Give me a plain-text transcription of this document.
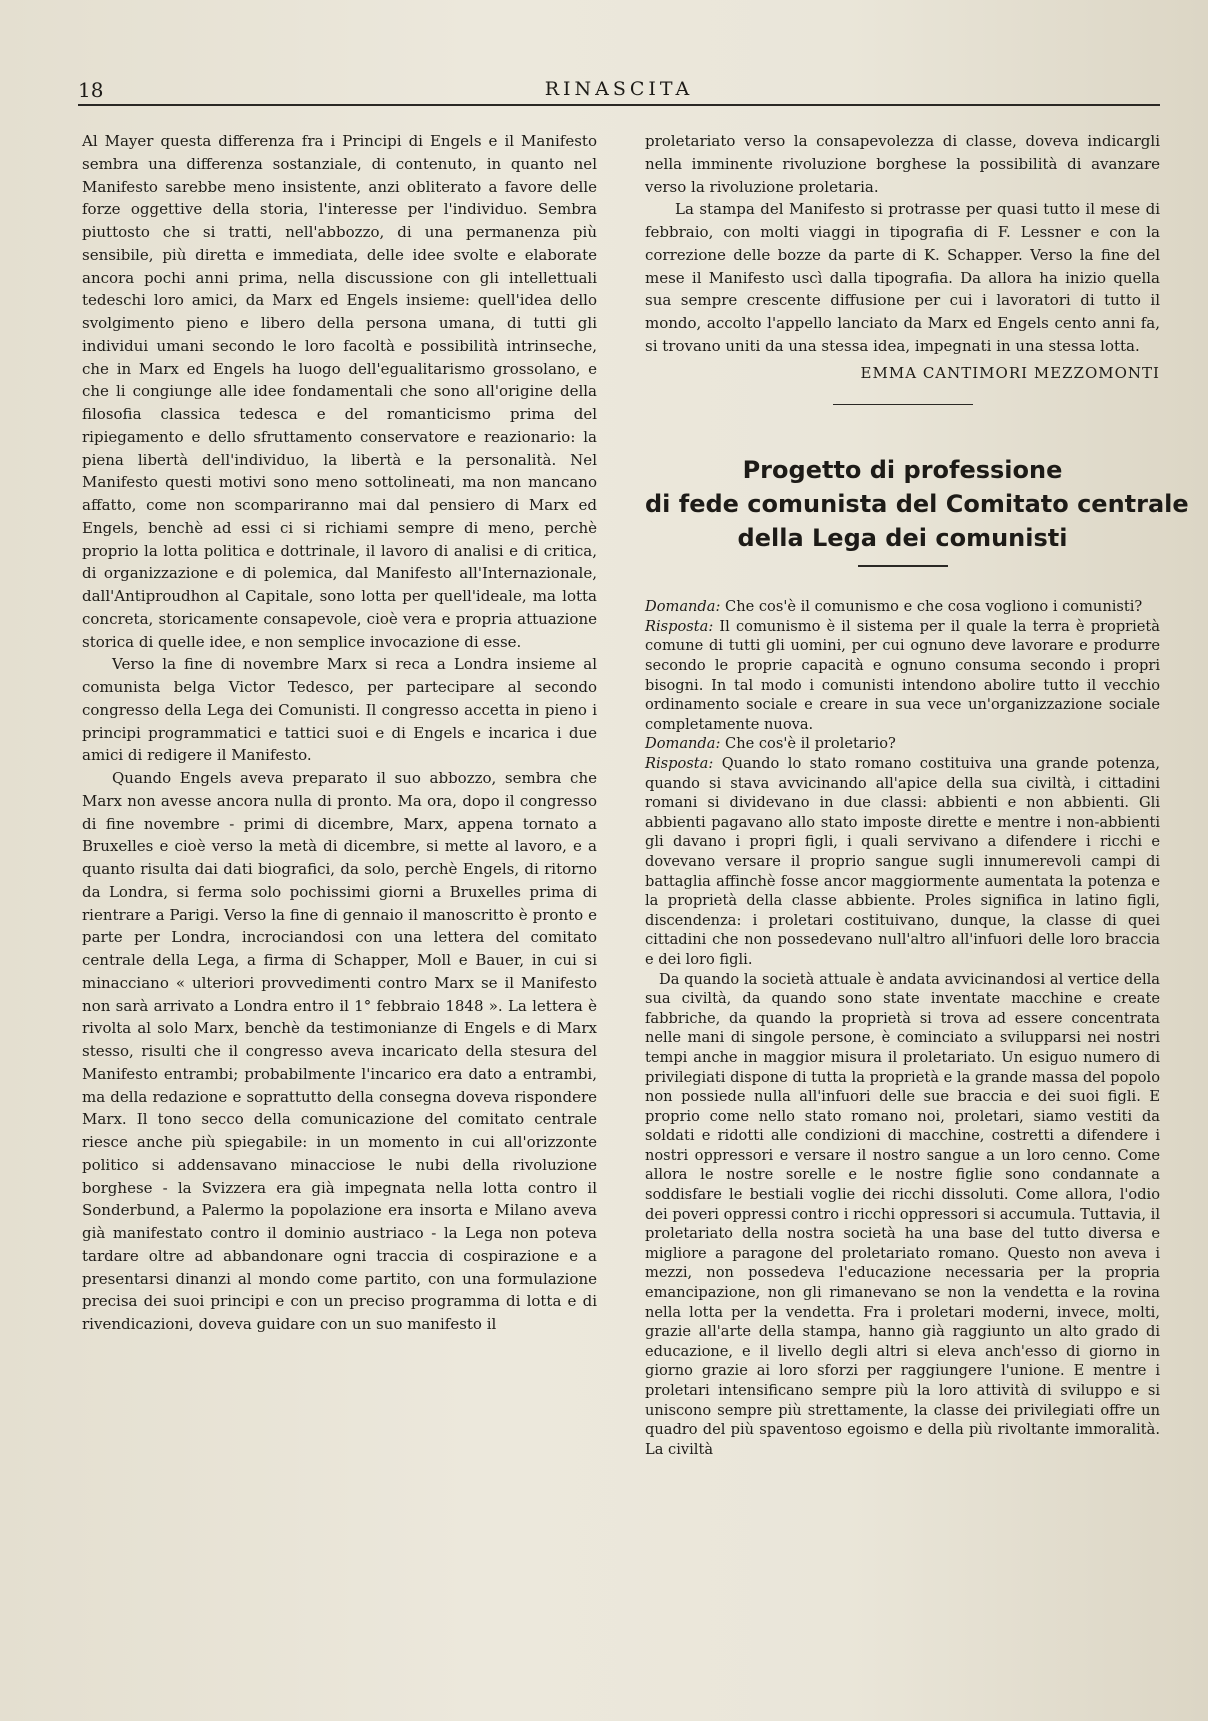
18	RINASCITA

Al Mayer questa differenza fra i Principi di Engels e il Manifesto sembra una differenza sostanziale, di contenuto, in quanto nel Manifesto sarebbe meno insistente, anzi obliterato a favore delle forze oggettive della storia, l'interesse per l'individuo. Sembra piuttosto che si tratti, nell'abbozzo, di una permanenza più sensibile, più diretta e immediata, delle idee svolte e elaborate ancora pochi anni prima, nella discussione con gli intellettuali tedeschi loro amici, da Marx ed Engels insieme: quell'idea dello svolgimento pieno e libero della persona umana, di tutti gli individui umani secondo le loro facoltà e possibilità intrinseche, che in Marx ed Engels ha luogo dell'egualitarismo grossolano, e che li congiunge alle idee fondamentali che sono all'origine della filosofia classica tedesca e del romanticismo prima del ripiegamento e dello sfruttamento conservatore e reazionario: la piena libertà dell'individuo, la libertà e la personalità. Nel Manifesto questi motivi sono meno sottolineati, ma non mancano affatto, come non scompariranno mai dal pensiero di Marx ed Engels, benchè ad essi ci si richiami sempre di meno, perchè proprio la lotta politica e dottrinale, il lavoro di analisi e di critica, di organizzazione e di polemica, dal Manifesto all'Internazionale, dall'Antiproudhon al Capitale, sono lotta per quell'ideale, ma lotta concreta, storicamente consapevole, cioè vera e propria attuazione storica di quelle idee, e non semplice invocazione di esse.

Verso la fine di novembre Marx si reca a Londra insieme al comunista belga Victor Tedesco, per partecipare al secondo congresso della Lega dei Comunisti. Il congresso accetta in pieno i principi programmatici e tattici suoi e di Engels e incarica i due amici di redigere il Manifesto.

Quando Engels aveva preparato il suo abbozzo, sembra che Marx non avesse ancora nulla di pronto. Ma ora, dopo il congresso di fine novembre - primi di dicembre, Marx, appena tornato a Bruxelles e cioè verso la metà di dicembre, si mette al lavoro, e a quanto risulta dai dati biografici, da solo, perchè Engels, di ritorno da Londra, si ferma solo pochissimi giorni a Bruxelles prima di rientrare a Parigi. Verso la fine di gennaio il manoscritto è pronto e parte per Londra, incrociandosi con una lettera del comitato centrale della Lega, a firma di Schapper, Moll e Bauer, in cui si minacciano « ulteriori provvedimenti contro Marx se il Manifesto non sarà arrivato a Londra entro il 1° febbraio 1848 ». La lettera è rivolta al solo Marx, benchè da testimonianze di Engels e di Marx stesso, risulti che il congresso aveva incaricato della stesura del Manifesto entrambi; probabilmente l'incarico era dato a entrambi, ma della redazione e soprattutto della consegna doveva rispondere Marx. Il tono secco della comunicazione del comitato centrale riesce anche più spiegabile: in un momento in cui all'orizzonte politico si addensavano minacciose le nubi della rivoluzione borghese - la Svizzera era già impegnata nella lotta contro il Sonderbund, a Palermo la popolazione era insorta e Milano aveva già manifestato contro il dominio austriaco - la Lega non poteva tardare oltre ad abbandonare ogni traccia di cospirazione e a presentarsi dinanzi al mondo come partito, con una formulazione precisa dei suoi principi e con un preciso programma di lotta e di rivendicazioni, doveva guidare con un suo manifesto il

proletariato verso la consapevolezza di classe, doveva indicargli nella imminente rivoluzione borghese la possibilità di avanzare verso la rivoluzione proletaria.

La stampa del Manifesto si protrasse per quasi tutto il mese di febbraio, con molti viaggi in tipografia di F. Lessner e con la correzione delle bozze da parte di K. Schapper. Verso la fine del mese il Manifesto uscì dalla tipografia. Da allora ha inizio quella sua sempre crescente diffusione per cui i lavoratori di tutto il mondo, accolto l'appello lanciato da Marx ed Engels cento anni fa, si trovano uniti da una stessa idea, impegnati in una stessa lotta.

EMMA CANTIMORI MEZZOMONTI
Progetto di professione
di fede comunista del Comitato centrale
della Lega dei comunisti

Domanda: Che cos'è il comunismo e che cosa vogliono i comunisti?

Risposta: Il comunismo è il sistema per il quale la terra è proprietà comune di tutti gli uomini, per cui ognuno deve lavorare e produrre secondo le proprie capacità e ognuno consuma secondo i propri bisogni. In tal modo i comunisti intendono abolire tutto il vecchio ordinamento sociale e creare in sua vece un'organizzazione sociale completamente nuova.

Domanda: Che cos'è il proletario?

Risposta: Quando lo stato romano costituiva una grande potenza, quando si stava avvicinando all'apice della sua civiltà, i cittadini romani si dividevano in due classi: abbienti e non abbienti. Gli abbienti pagavano allo stato imposte dirette e mentre i non-abbienti gli davano i propri figli, i quali servivano a difendere i ricchi e dovevano versare il proprio sangue sugli innumerevoli campi di battaglia affinchè fosse ancor maggiormente aumentata la potenza e la proprietà della classe abbiente. Proles significa in latino figli, discendenza: i proletari costituivano, dunque, la classe di quei cittadini che non possedevano null'altro all'infuori delle loro braccia e dei loro figli.

Da quando la società attuale è andata avvicinandosi al vertice della sua civiltà, da quando sono state inventate macchine e create fabbriche, da quando la proprietà si trova ad essere concentrata nelle mani di singole persone, è cominciato a svilupparsi nei nostri tempi anche in maggior misura il proletariato. Un esiguo numero di privilegiati dispone di tutta la proprietà e la grande massa del popolo non possiede nulla all'infuori delle sue braccia e dei suoi figli. E proprio come nello stato romano noi, proletari, siamo vestiti da soldati e ridotti alle condizioni di macchine, costretti a difendere i nostri oppressori e versare il nostro sangue a un loro cenno. Come allora le nostre sorelle e le nostre figlie sono condannate a soddisfare le bestiali voglie dei ricchi dissoluti. Come allora, l'odio dei poveri oppressi contro i ricchi oppressori si accumula. Tuttavia, il proletariato della nostra società ha una base del tutto diversa e migliore a paragone del proletariato romano. Questo non aveva i mezzi, non possedeva l'educazione necessaria per la propria emancipazione, non gli rimanevano se non la vendetta e la rovina nella lotta per la vendetta. Fra i proletari moderni, invece, molti, grazie all'arte della stampa, hanno già raggiunto un alto grado di educazione, e il livello degli altri si eleva anch'esso di giorno in giorno grazie ai loro sforzi per raggiungere l'unione. E mentre i proletari intensificano sempre più la loro attività di sviluppo e si uniscono sempre più strettamente, la classe dei privilegiati offre un quadro del più spaventoso egoismo e della più rivoltante immoralità. La civiltà
